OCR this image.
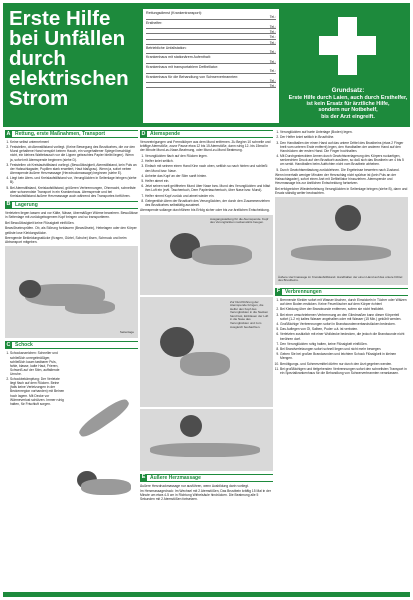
Erste Hilfe
bei Unfällen
durch
elektrischen
Strom
Rettungsdienst (Krankentransport):
Tel.:
Ersthelfer:
Tel.:
Tel.:
Tel.:
Tel.:
Betriebliche Unfallstation:
Tel.:
Krankenhaus mit stationärem Aufenthalt:
Tel.:
Krankenhaus mit transportablem Defibrillator:
Tel.:
Krankenhaus für die Behandlung von Schwerverbrannten:
Tel.:
Tel.:
Grundsatz:
Erste Hilfe durch Laien, auch durch Ersthelfer,
ist kein Ersatz für ärztliche Hilfe,
sondern nur Notbehelf,
bis der Arzt eingreift.
A Rettung, erste Maßnahmen, Transport
1. Keine selbst unternehmen!
2. Feststellen, ob Atemstillstand vorliegt. (Keine Bewegung des Brustkorbes, die vor den Mund gehaltene Hand verspürt keinen Hauch, ein vorgehaltener Spiegel beschlägt nicht, ein kleines Wattebausch vor die Lippen gebrachtes Papier bleibt liegen). Wenn ja, sofort mit Atemspende beginnen (siehe D).
3. Feststellen ob Kreislaufstillstand vorliegt. (Bewußtlosigkeit, Atemstillstand, kein Puls an der Halsschlagader, Pupillen stark erweitert, Haut blaßgrau). Wenn ja, sofort neben Atemspende äußere Herzmassage (Herzdruckmassage) beginnen (siehe E).
4. Liegt kein Atem- und Kreislaufstillstand vor, Verunglückten in Seitenlage bringen (siehe B).
5. Bei Atemstillstand, Kreislaufstillstand, größeren Verbrennungen, Ohnmacht, schnellste aber schonendste Transport in ein Krankenhaus. Atemspende und bei Kreislaufstillstand äußere Herzmassage auch während des Transportes fortführen.
B Lagerung

Verletzten liegen lassen und vor Kälte, Nässe, übermäßiger Wärme bewahren. Bewußtlose in Seitenlage mit zurückgebogenem Kopf bringen und so transportieren.

Bei Bewußtlosigkeit keine Flüssigkeit einflößen.

Bewußtseinsprüfen. Ob, als Störung fortdauern (Bewußtsein), Hebelagen oder den Körper gelöste lose Kleidungstücke.

Beengende Bekleidungsstücke (Kragen, Gürtel, Schuhe) lösen, Schmuck und beim Abtransport mitgeben.

Seitenlage
C Schock
1. Schockanzeichen: Schneller und schließlich unregelmäßiger, schließlich kaum tastbarer Puls, fahle, blasse, kalte Haut, Frieren, Schweiß auf der Stirn, auffallende Unruhe.
2. Schockbekämpfung: Der Verletzte liegt flach auf dem Rücken. Beine (falls keine Verletzungen in der Beckenregion vorhanden) mit Beinen hoch lagern. Mit Decke vor Wärmeverlust schützen. Immer ruhig halten, für Frischluft sorgen.
D Atemspende

Verunreinigungen und Fremdkörper aus dem Mund entfernen. Zu Beginn 10 schnelle und kräftige Atemstöße, zuvor Pause etwa 12 bis 15 Atemstöße, dann ruhig 12- bis 15mal in der Minute Mund-zu-Nase-Beatmung, oder Mund-zu-Mund Beatmung.

1. Verunglückten flach auf den Rücken legen.
2. Helfer kniet seitlich.
3. Einfach mit seinem einen Hand Kinn nach oben, seitlich so nach hinten und schließt den Mund bzw. Nase.
4. Anhebe das Kopf an der Stirn sanft hinten.
5. Helfer atmet ein.
6. Jetzt seinen weit geöffneten Mund über Nase bzw. Mund des Verunglückten und bläst ihm Luft ein (evtl. Taschentuch, Dem Papiertaschentuch, über Nase bzw. Mund).
7. Helfer nimmt Kopf zurück und atmet wieder ein.
8. Gelegentlich Atem der Brustkorb des Verunglückten, der durch den Zusammenziehen des Brustkorbes selbsttätig ausatmet.

Atemspende sollange durchführen bis Erfolg sicher oder bis zur ärztlichen Entscheidung.

Ausgangsstellung für die Atemspende. Kopf des Verunglückten nackenwärts beugen.
Zur Durchführung der Atemspende bringen, die Helfer den Kopf des Verunglückten in die Nacken hand fest, Einblasen der Luft in die Nase des Verunglückten und zum Ausgleich beobachten.
E Äußere Herzmassage

Äußere Herzdruckmassage nur ausführen, wenn Ausbildung darin vorliegt.

Im Herzmassagedruck: Im Wechsel mit 2 Atemstößen, Das Brustbein kräftig 15 Mal in der Minute um etwa 4-5 cm in Richtung Wirbelsäule hindrücken. Die Beatmung alle 5 Sekunden mit 2 Atemstößen fortsetzen.

1. Verunglückten auf harte Unterlage (Boden) legen.
2. Der Helfer kniet seitlich in Brusthöhe.
3. Den Handballen der einen Hand auf das untere Drittel des Brustbeins (etwa 2 Finger breit vom unteren Ende entfernt) legen, den Handballen der anderen Hand auf den Handrücken der ersten Hand. Die Finger hochhalten.
4. Mit Durchgestrecktem Armen durch Gewichtsverlagerung des Körpers ruckartigen, senkrechten Druck auf den Brustkorb ausüben, so daß sich das Brustbein um 4 bis 5 cm senkt. Handballen beim Aufrichten nicht vom Brustbein abheben.
5. Durch Gewichtsentlastung zurücklehnen. Die Ergebnisse bewerten nach Zustand.

Wenn innerhalb weniger Minuten der Herzschlag nicht spürbar ist (kein Puls an der Halsschlagader), sofort einen Arzt mit Defibrillator hinzuziehen. Atemspende und Herzmassage bis zur ärztlichen Entscheidung fortsetzen.

Bei erfolgreicher Wiederbelebung Verunglückten in Seitenlage bringen (siehe B), dann und Ersatz ständig weiter beobachten.

Äußere Herzmassage im Kreislaufstillstand. Handballen der einen Hand auf das untere Drittel des Brustbeins.
F Verbrennungen
1. Brennende Kleider sofort mit Wasser löschen, durch Einwickeln in Tücher oder Wälzen auf dem Boden ersticken. Keine Feuerlöscher auf dem Körper richten!
2. Bei Kleidung über der Brandwunde entfernen, sofern sie nicht festklebt.
3. Bei einer umschriebenen Verbrennung an den Gliedmaßen kann dieser Körperteil sofort (1-2 m) kaltes Wasser angehalten oder mit Wasser (15 Min.) gekühlt werden.
4. Großflächige Verbrennungen sofort in Brandwundenverbandstücken bedecken.
5. Das Auflegen von Öl, Salben, Puder u.ä. ist verboten.
6. Verletzten zusätzlich mit einer Wolldecke bedecken, die jedoch die Brandwunde nicht berühren darf.
7. Den Verunglückten ruhig halten, keine Flüssigkeit einflößen.
8. Bei Brandverletzungen sofort schnell liegen und nicht mehr bewegen.
9. Geben Sie bei großen Brandwunden und leichtem Schock Flüssigkeit in kleinen Mengen.
10. Benötigungs- und Schmerzmittel dürfen nur durch den Arzt gegeben werden.
11. Bei großflächigen und tiefgehenden Verbrennungen sofort den schnellsten Transport in ein Spezialkrankenhaus für die Behandlung von Schwerverbrannten veranlassen.
